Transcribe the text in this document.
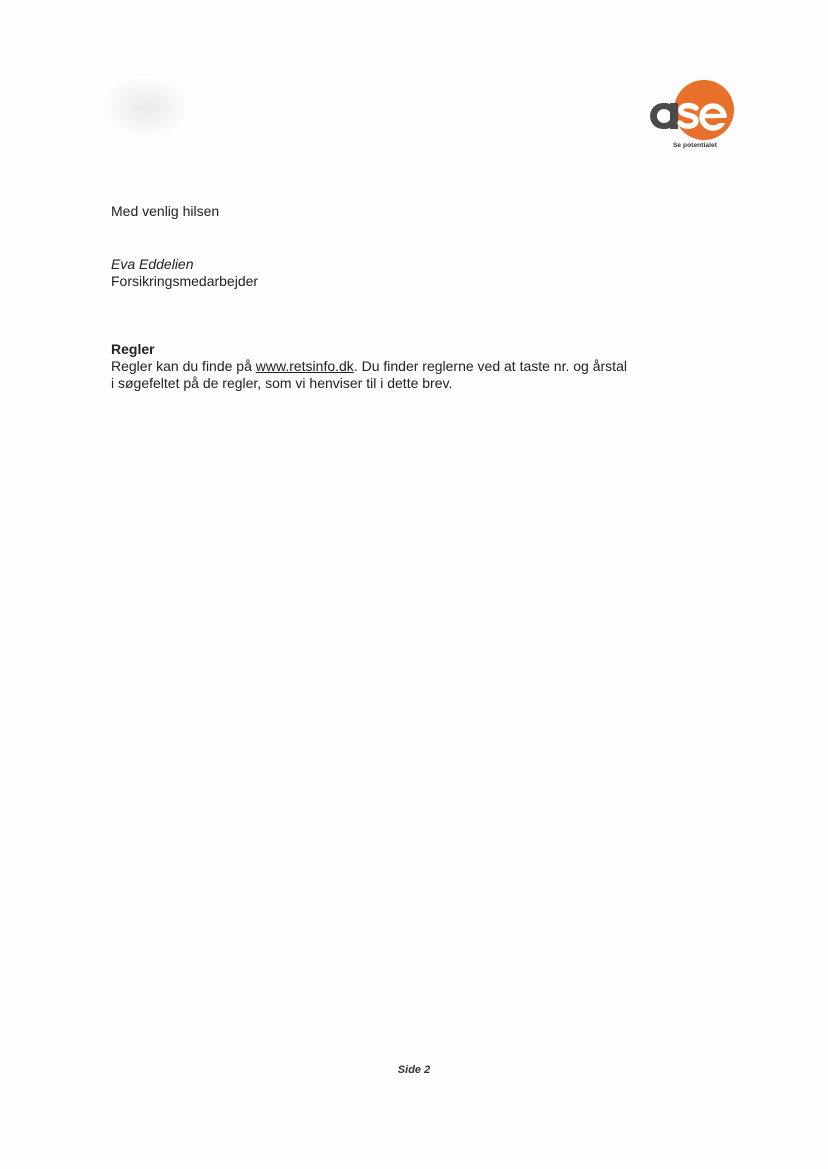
Se potentialet
Med venlig hilsen
Eva Eddelien
Forsikringsmedarbejder
Regler
Regler kan du finde på www.retsinfo.dk. Du finder reglerne ved at taste nr. og årstal i søgefeltet på de regler, som vi henviser til i dette brev.
Side 2
